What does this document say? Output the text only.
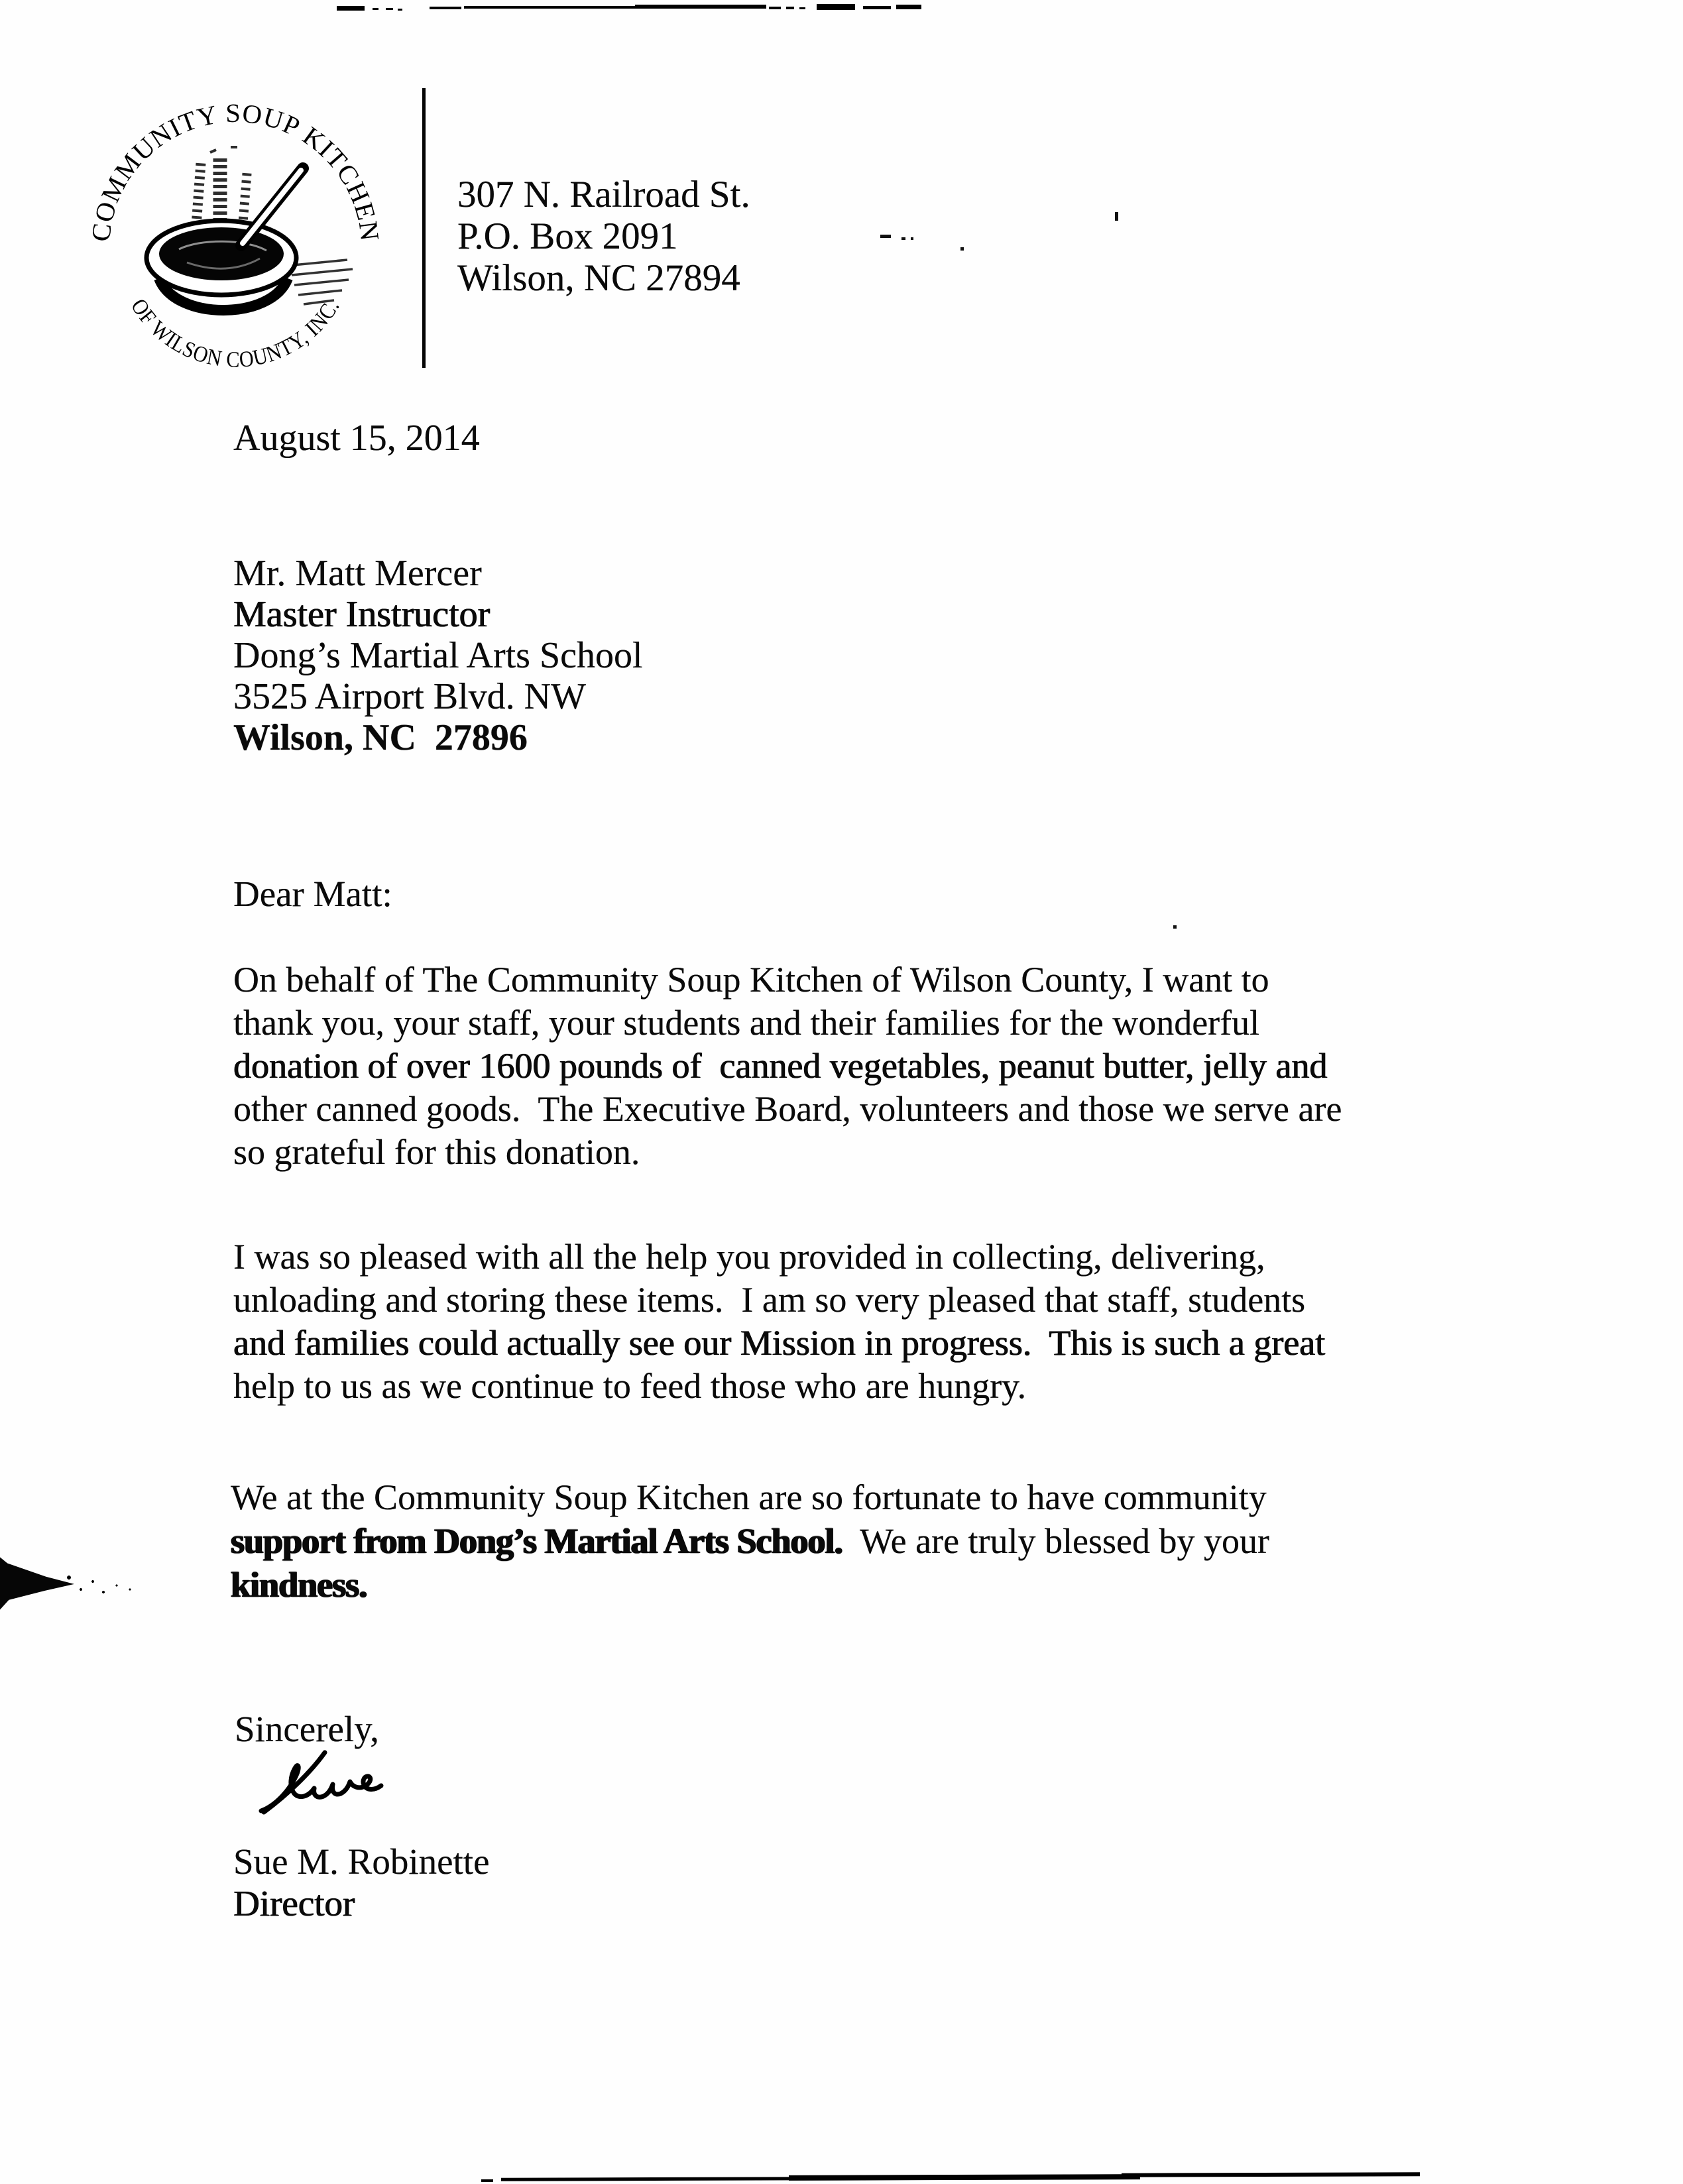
COMMUNITY SOUP KITCHEN
OF WILSON COUNTY, INC.
307 N. Railroad St.
P.O. Box 2091
Wilson, NC 27894
August 15, 2014
Mr. Matt Mercer
Master Instructor
Dong’s Martial Arts School
3525 Airport Blvd. NW
Wilson, NC  27896
Dear Matt:
On behalf of The Community Soup Kitchen of Wilson County, I want to
thank you, your staff, your students and their families for the wonderful
donation of over 1600 pounds of  canned vegetables, peanut butter, jelly and
other canned goods.  The Executive Board, volunteers and those we serve are
so grateful for this donation.
I was so pleased with all the help you provided in collecting, delivering,
unloading and storing these items.  I am so very pleased that staff, students
and families could actually see our Mission in progress.  This is such a great
help to us as we continue to feed those who are hungry.
We at the Community Soup Kitchen are so fortunate to have community
support from Dong’s Martial Arts School.  We are truly blessed by your
kindness.
Sincerely,
Sue M. Robinette
Director
